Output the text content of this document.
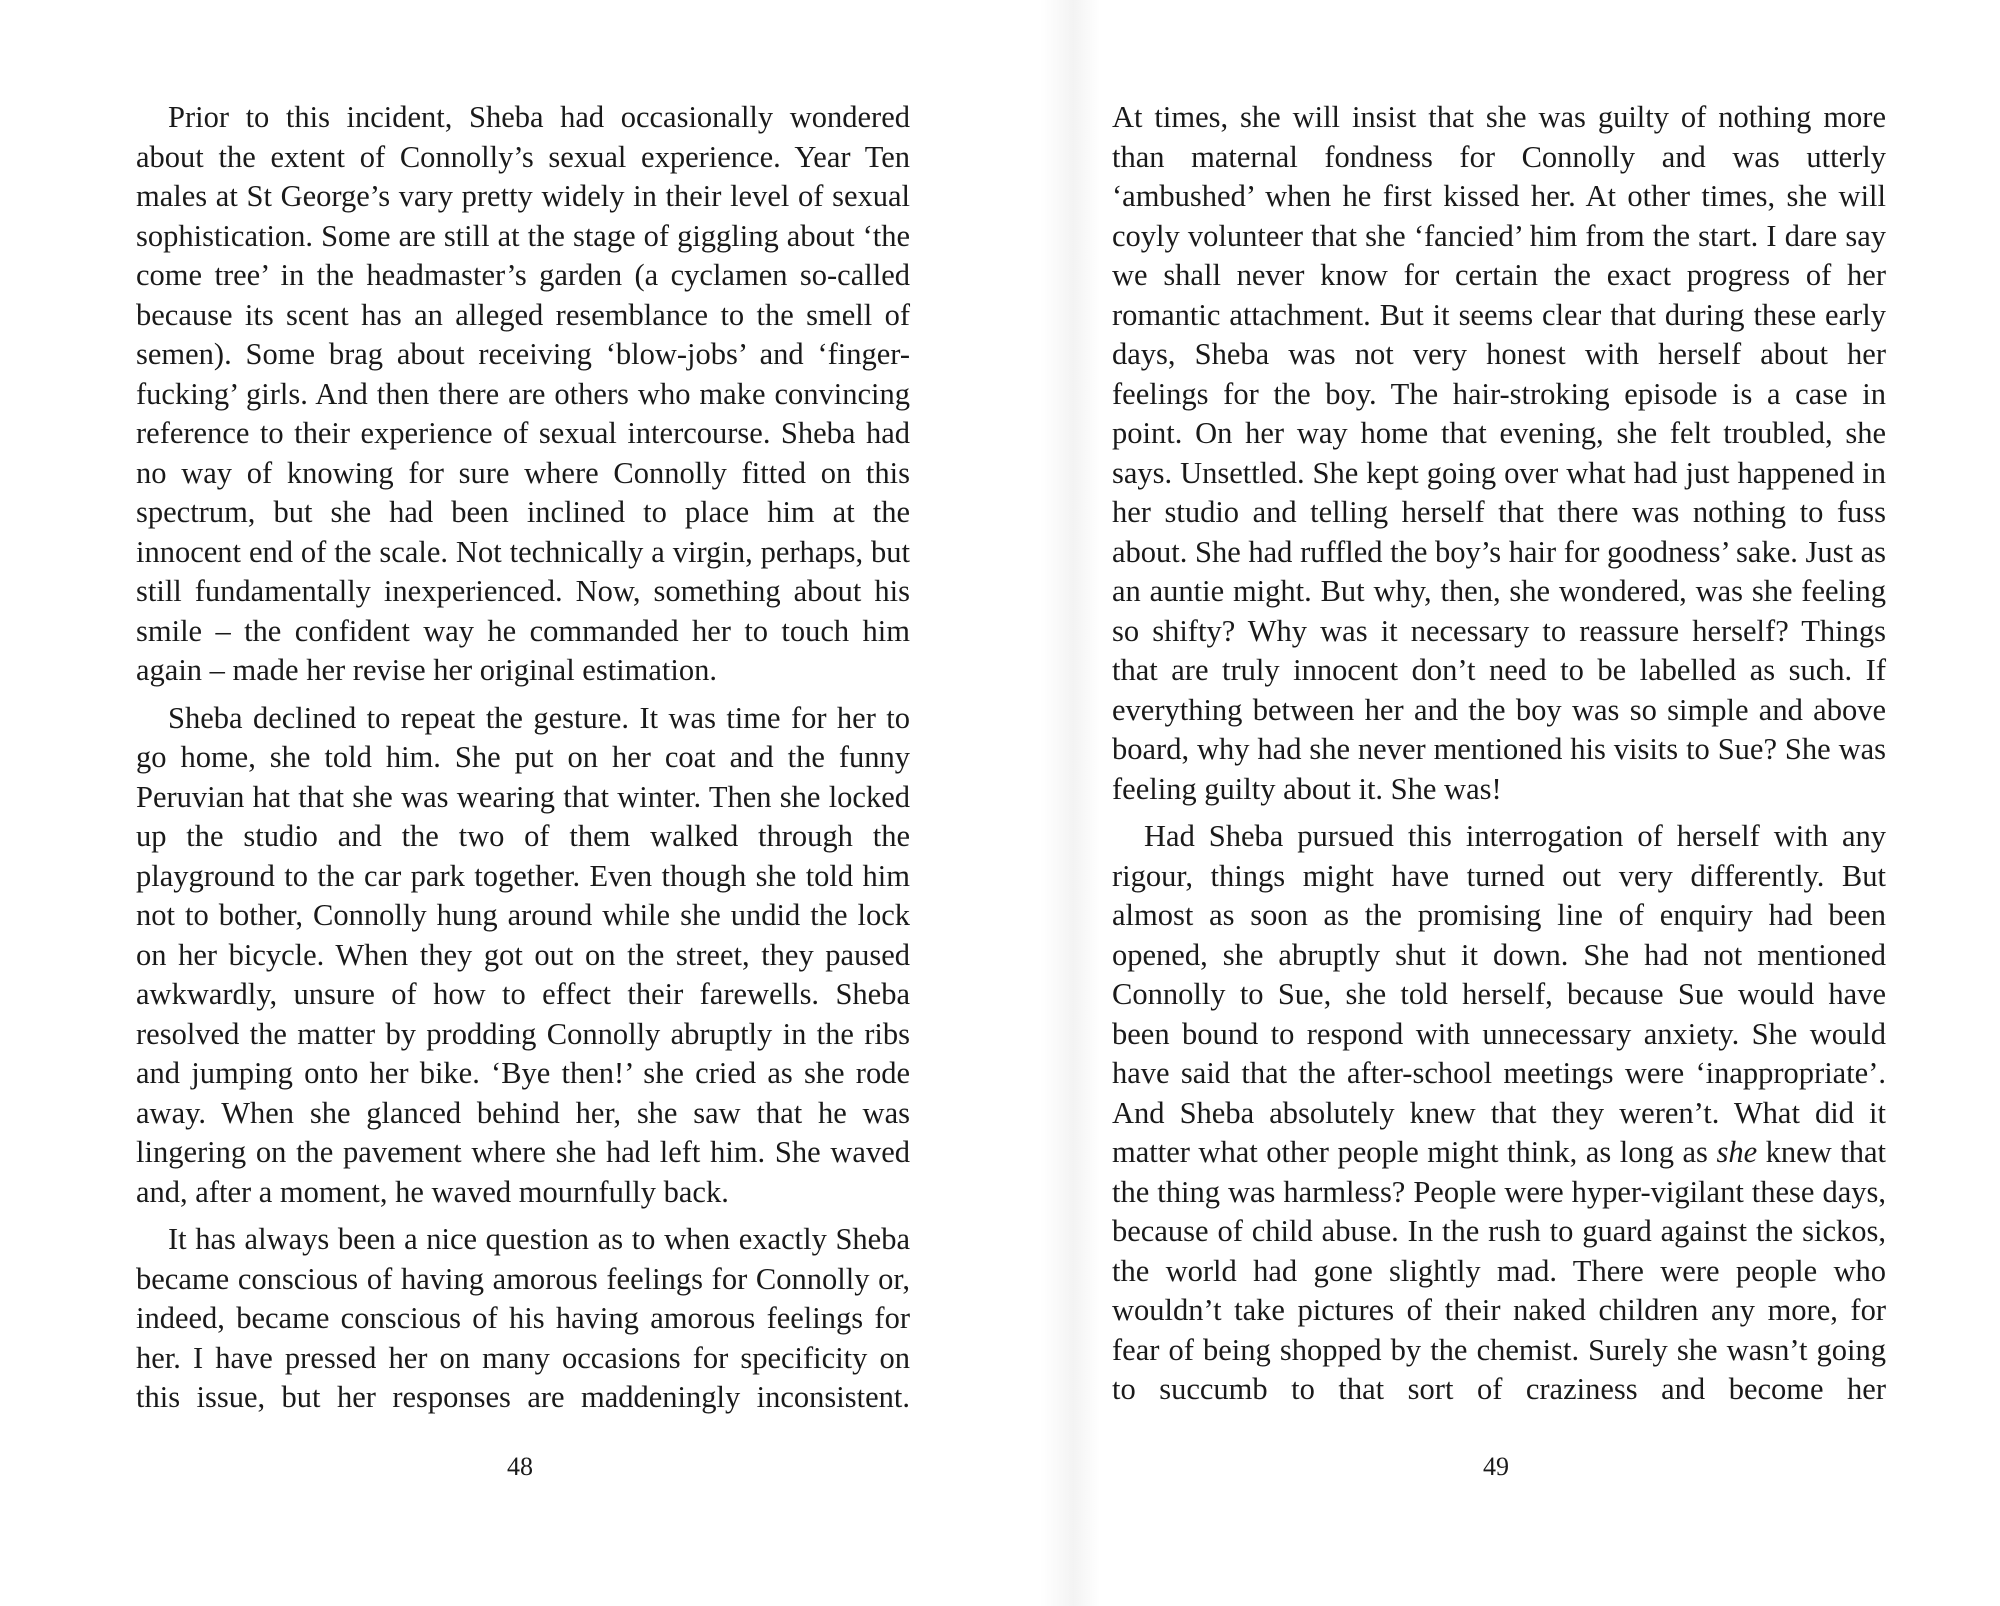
Prior to this incident, Sheba had occasionally wondered about the extent of Connolly’s sexual experience. Year Ten males at St George’s vary pretty widely in their level of sexual sophistication. Some are still at the stage of giggling about ‘the come tree’ in the headmaster’s garden (a cyclamen so-called because its scent has an alleged resemblance to the smell of semen). Some brag about receiving ‘blow-jobs’ and ‘finger-fucking’ girls. And then there are others who make convincing reference to their experience of sexual intercourse. Sheba had no way of knowing for sure where Connolly fitted on this spectrum, but she had been inclined to place him at the innocent end of the scale. Not technically a virgin, perhaps, but still fundamentally inexperienced. Now, something about his smile – the confident way he commanded her to touch him again – made her revise her original estimation.

Sheba declined to repeat the gesture. It was time for her to go home, she told him. She put on her coat and the funny Peruvian hat that she was wearing that winter. Then she locked up the studio and the two of them walked through the playground to the car park together. Even though she told him not to bother, Connolly hung around while she undid the lock on her bicycle. When they got out on the street, they paused awkwardly, unsure of how to effect their farewells. Sheba resolved the matter by prodding Connolly abruptly in the ribs and jumping onto her bike. ‘Bye then!’ she cried as she rode away. When she glanced behind her, she saw that he was lingering on the pavement where she had left him. She waved and, after a moment, he waved mournfully back.

It has always been a nice question as to when exactly Sheba became conscious of having amorous feelings for Connolly or, indeed, became conscious of his having amorous feelings for her. I have pressed her on many occasions for specificity on this issue, but her responses are maddeningly inconsistent.

48

At times, she will insist that she was guilty of nothing more than maternal fondness for Connolly and was utterly ‘ambushed’ when he first kissed her. At other times, she will coyly volunteer that she ‘fancied’ him from the start. I dare say we shall never know for certain the exact progress of her romantic attachment. But it seems clear that during these early days, Sheba was not very honest with herself about her feelings for the boy. The hair-stroking episode is a case in point. On her way home that evening, she felt troubled, she says. Unsettled. She kept going over what had just happened in her studio and telling herself that there was nothing to fuss about. She had ruffled the boy’s hair for goodness’ sake. Just as an auntie might. But why, then, she wondered, was she feeling so shifty? Why was it necessary to reassure herself? Things that are truly innocent don’t need to be labelled as such. If everything between her and the boy was so simple and above board, why had she never mentioned his visits to Sue? She was feeling guilty about it. She was!

Had Sheba pursued this interrogation of herself with any rigour, things might have turned out very differently. But almost as soon as the promising line of enquiry had been opened, she abruptly shut it down. She had not mentioned Connolly to Sue, she told herself, because Sue would have been bound to respond with unnecessary anxiety. She would have said that the after-school meetings were ‘inappropriate’. And Sheba absolutely knew that they weren’t. What did it matter what other people might think, as long as she knew that the thing was harmless? People were hyper-vigilant these days, because of child abuse. In the rush to guard against the sickos, the world had gone slightly mad. There were people who wouldn’t take pictures of their naked children any more, for fear of being shopped by the chemist. Surely she wasn’t going to succumb to that sort of craziness and become her

49
